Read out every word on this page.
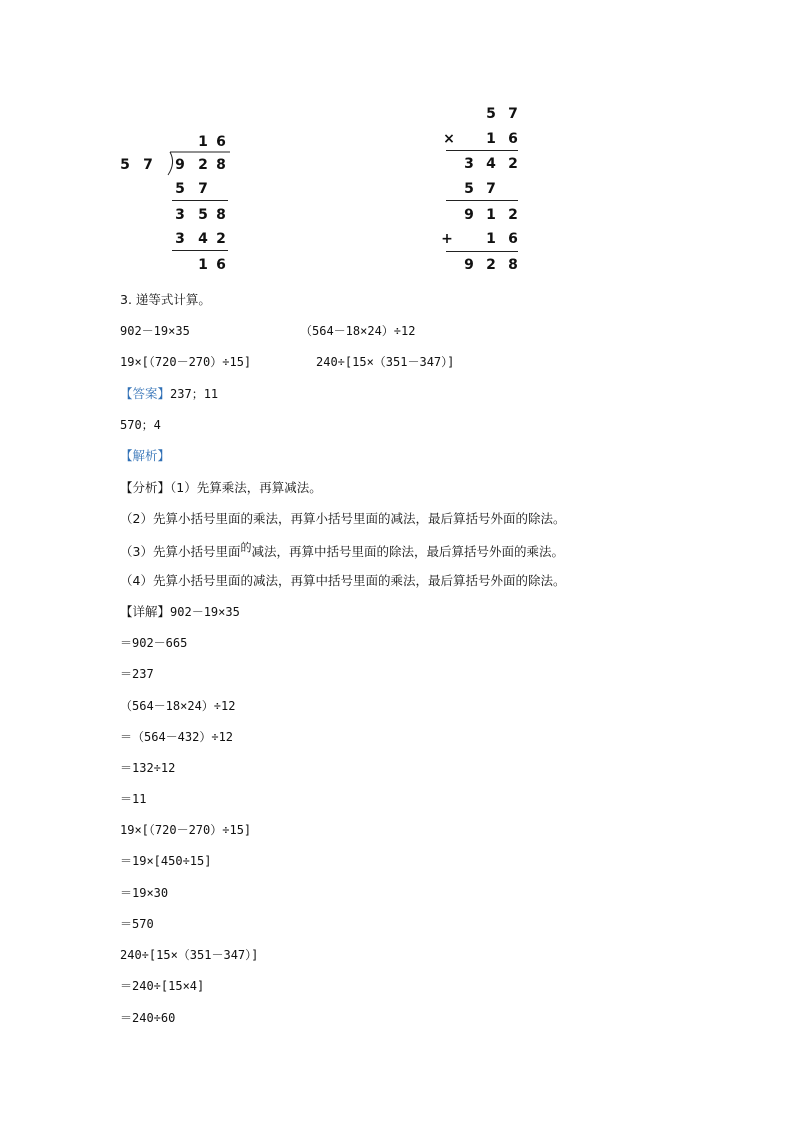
1 6
5 7 9 2 8
5 7
3 5 8
3 4 2
1 6
5 7
× 1 6
3 4 2
5 7
9 1 2
+ 1 6
9 2 8
3. 递等式计算。
902－19×35	（564－18×24）÷12
19×[（720－270）÷15]	240÷[15×（351－347）]
【答案】237；11
570；4
【解析】
【分析】（1）先算乘法，再算减法。
（2）先算小括号里面的乘法，再算小括号里面的减法，最后算括号外面的除法。
（3）先算小括号里面的减法，再算中括号里面的除法，最后算括号外面的乘法。
（4）先算小括号里面的减法，再算中括号里面的乘法，最后算括号外面的除法。
【详解】902－19×35
＝902－665
＝237
（564－18×24）÷12
＝（564－432）÷12
＝132÷12
＝11
19×[（720－270）÷15]
＝19×[450÷15]
＝19×30
＝570
240÷[15×（351－347）]
＝240÷[15×4]
＝240÷60
